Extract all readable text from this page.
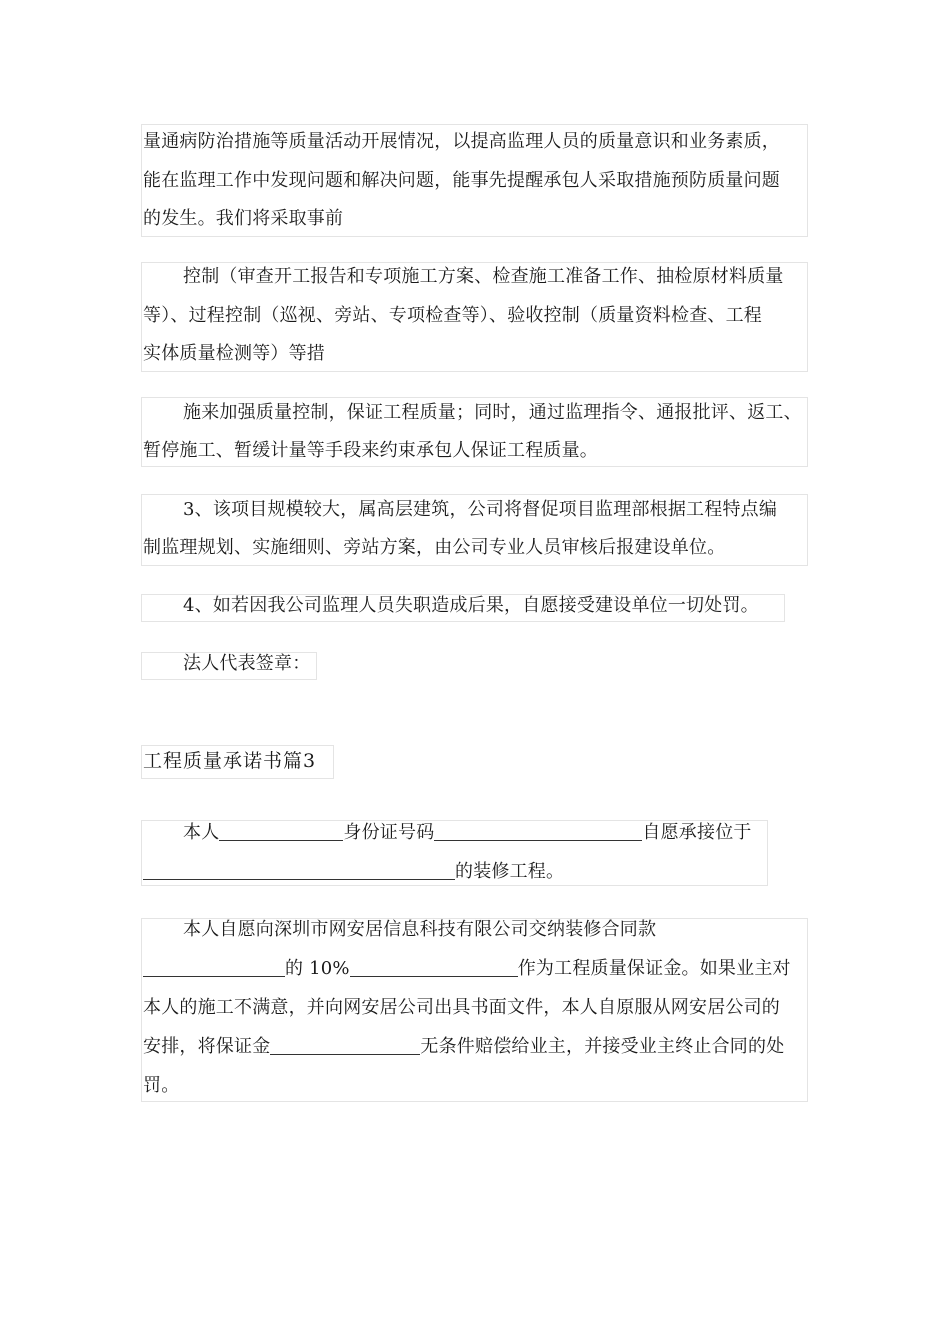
量通病防治措施等质量活动开展情况，以提高监理人员的质量意识和业务素质，
能在监理工作中发现问题和解决问题，能事先提醒承包人采取措施预防质量问题
的发生。我们将采取事前
控制（审查开工报告和专项施工方案、检查施工准备工作、抽检原材料质量
等）、过程控制（巡视、旁站、专项检查等）、验收控制（质量资料检查、工程
实体质量检测等）等措
施来加强质量控制，保证工程质量；同时，通过监理指令、通报批评、返工、
暂停施工、暂缓计量等手段来约束承包人保证工程质量。
3、该项目规模较大，属高层建筑，公司将督促项目监理部根据工程特点编
制监理规划、实施细则、旁站方案，由公司专业人员审核后报建设单位。
4、如若因我公司监理人员失职造成后果，自愿接受建设单位一切处罚。
法人代表签章：
工程质量承诺书篇3
本人	身份证号码	自愿承接位于
的装修工程。
本人自愿向深圳市网安居信息科技有限公司交纳装修合同款
的 10%	作为工程质量保证金。如果业主对
本人的施工不满意，并向网安居公司出具书面文件，本人自原服从网安居公司的
安排，将保证金	无条件赔偿给业主，并接受业主终止合同的处
罚。
